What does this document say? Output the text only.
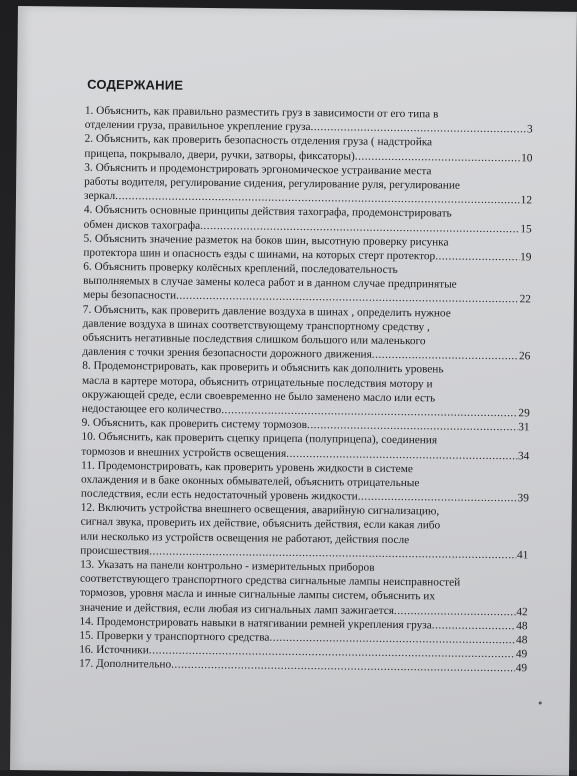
СОДЕРЖАНИЕ
1. Объяснить, как правильно разместить груз в зависимости от его типа в
отделении груза, правильное укрепление груза .....	3
2. Объяснить, как проверить безопасность отделения груза ( надстройка
прицепа, покрывало, двери, ручки, затворы, фиксаторы) .....	10
3. Объяснить и продемонстрировать эргономическое устраивание места
работы водителя, регулирование сидения, регулирование руля, регулирование
зеркал .....	12
4. Объяснить основные принципы действия тахографа, продемонстрировать
обмен дисков тахографа .....	15
5. Объяснить значение разметок на боков шин, высотную проверку рисунка
протектора шин и опасность езды с шинами, на которых стерт протектор .....	19
6. Объяснить проверку колёсных креплений, последовательность
выполняемых в случае замены колеса работ и в данном случае предпринятые
меры безопасности .....	22
7. Объяснить, как проверить давление воздуха в шинах , определить нужное
давление воздуха в шинах соответствующему транспортному средству ,
объяснить негативные последствия слишком большого или маленького
давления с точки зрения безопасности дорожного движения .....	26
8. Продемонстрировать, как проверить и объяснить как дополнить уровень
масла в картере мотора, объяснить отрицательные последствия мотору и
окружающей среде, если своевременно не было заменено масло или есть
недостающее его количество .....	29
9. Объяснить, как проверить систему тормозов .....	31
10. Объяснить, как проверить сцепку прицепа (полуприцепа), соединения
тормозов и внешних устройств освещения .....	34
11. Продемонстрировать, как проверить уровень жидкости в системе
охлаждения и в баке оконных обмывателей, объяснить отрицательные
последствия, если есть недостаточный уровень жидкости .....	39
12. Включить устройства внешнего освещения, аварийную сигнализацию,
сигнал звука, проверить их действие, объяснить действия, если какая либо
или несколько из устройств освещения не работают, действия после
происшествия .....	41
13. Указать на панели контрольно - измерительных приборов
соответствующего транспортного средства сигнальные лампы неисправностей
тормозов, уровня масла и инные сигнальные лампы систем, объяснить их
значение и действия, если любая из сигнальных ламп зажигается .....	42
14. Продемонстрировать навыки в натягивании ремней укрепления груза .....	48
15. Проверки у транспортного средства .....	48
16. Источники .....	49
17. Дополнительно .....	49
